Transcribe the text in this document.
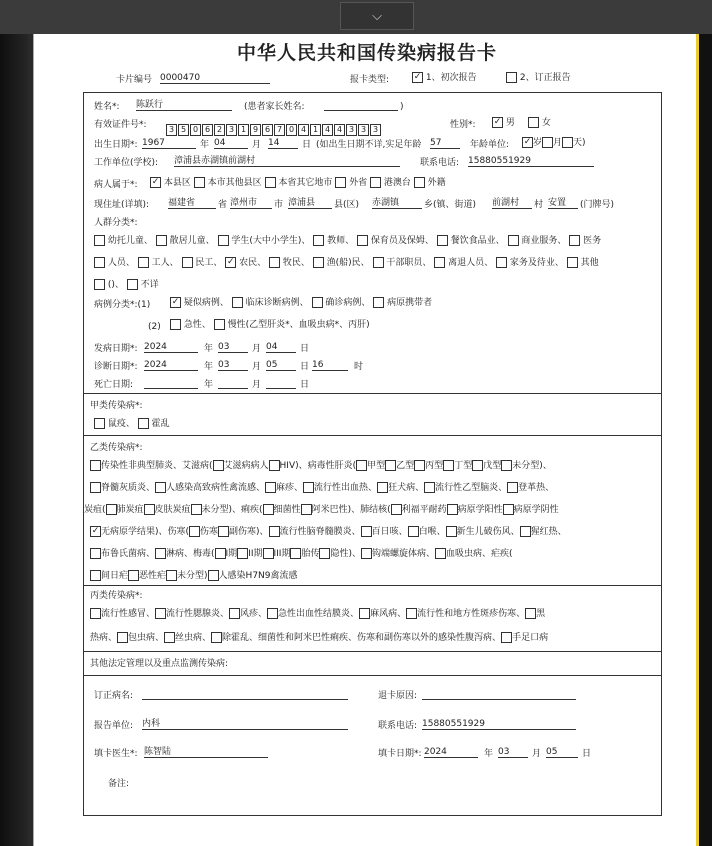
⌵
中华人民共和国传染病报告卡
卡片编号 0000470	报卡类型: ✓	1、初次报告	2、订正报告
姓名*: 陈跃行	(患者家长姓名:	)
有效证件号*:	3 5 0 6 2 3 1 9 6 7 0 4 1 4 4 3 3 3	性别*: ✓	男	女
出生日期*: 1967	年 04	月 14	日 (如出生日期不详,实足年龄 57	年龄单位: ✓	岁 月 天)
工作单位(学校): 漳浦县赤湖镇前湖村	联系电话: 15880551929
病人属于*: ✓	本县区  本市其他县区  本省其它地市  外省  港澳台  外籍
现住址(详填): 福建省	省 漳州市	市 漳浦县	县(区) 赤湖镇	乡(镇、街道) 前湖村	村 安置	(门牌号)
人群分类*:
幼托儿童、  散居儿童、  学生(大中小学生)、  教师、  保育员及保姆、  餐饮食品业、  商业服务、  医务
人员、  工人、  民工、 ✓ 农民、  牧民、  渔(船)民、  干部职员、  离退人员、  家务及待业、  其他
()、  不详
病例分类*:(1) ✓	疑似病例、  临床诊断病例、  确诊病例、  病原携带者
(2)	急性、  慢性(乙型肝炎*、血吸虫病*、丙肝)
发病日期*: 2024	年 03	月 04	日
诊断日期*: 2024	年 03	月 05	日 16	时
死亡日期:	年	月	日
甲类传染病*:
鼠疫、  霍乱
乙类传染病*:
传染性非典型肺炎、艾滋病( 艾滋病病人 HIV)、病毒性肝炎( 甲型 乙型 丙型 丁型 戊型 未分型)、
脊髓灰质炎、 人感染高致病性禽流感、 麻疹、 流行性出血热、 狂犬病、 流行性乙型脑炎、 登革热、
炭疽( 肺炭疽 皮肤炭疽 未分型)、痢疾( 细菌性 阿米巴性)、肺结核( 利福平耐药 病原学阳性 病原学阴性
✓无病原学结果)、伤寒( 伤寒 副伤寒)、 流行性脑脊髓膜炎、 百日咳、 白喉、 新生儿破伤风、 猩红热、
布鲁氏菌病、 淋病、梅毒( I期 II期 III期 胎传 隐性)、 钩端螺旋体病、 血吸虫病、疟疾(
间日疟 恶性疟 未分型) 人感染H7N9禽流感
丙类传染病*:
流行性感冒、 流行性腮腺炎、 风疹、 急性出血性结膜炎、 麻风病、 流行性和地方性斑疹伤寒、 黑
热病、 包虫病、 丝虫病、 除霍乱、细菌性和阿米巴性痢疾、伤寒和副伤寒以外的感染性腹泻病、 手足口病
其他法定管理以及重点监测传染病:
订正病名:	退卡原因:
报告单位: 内科	联系电话: 15880551929
填卡医生*: 陈智陆	填卡日期*: 2024	年 03	月 05	日
备注:
